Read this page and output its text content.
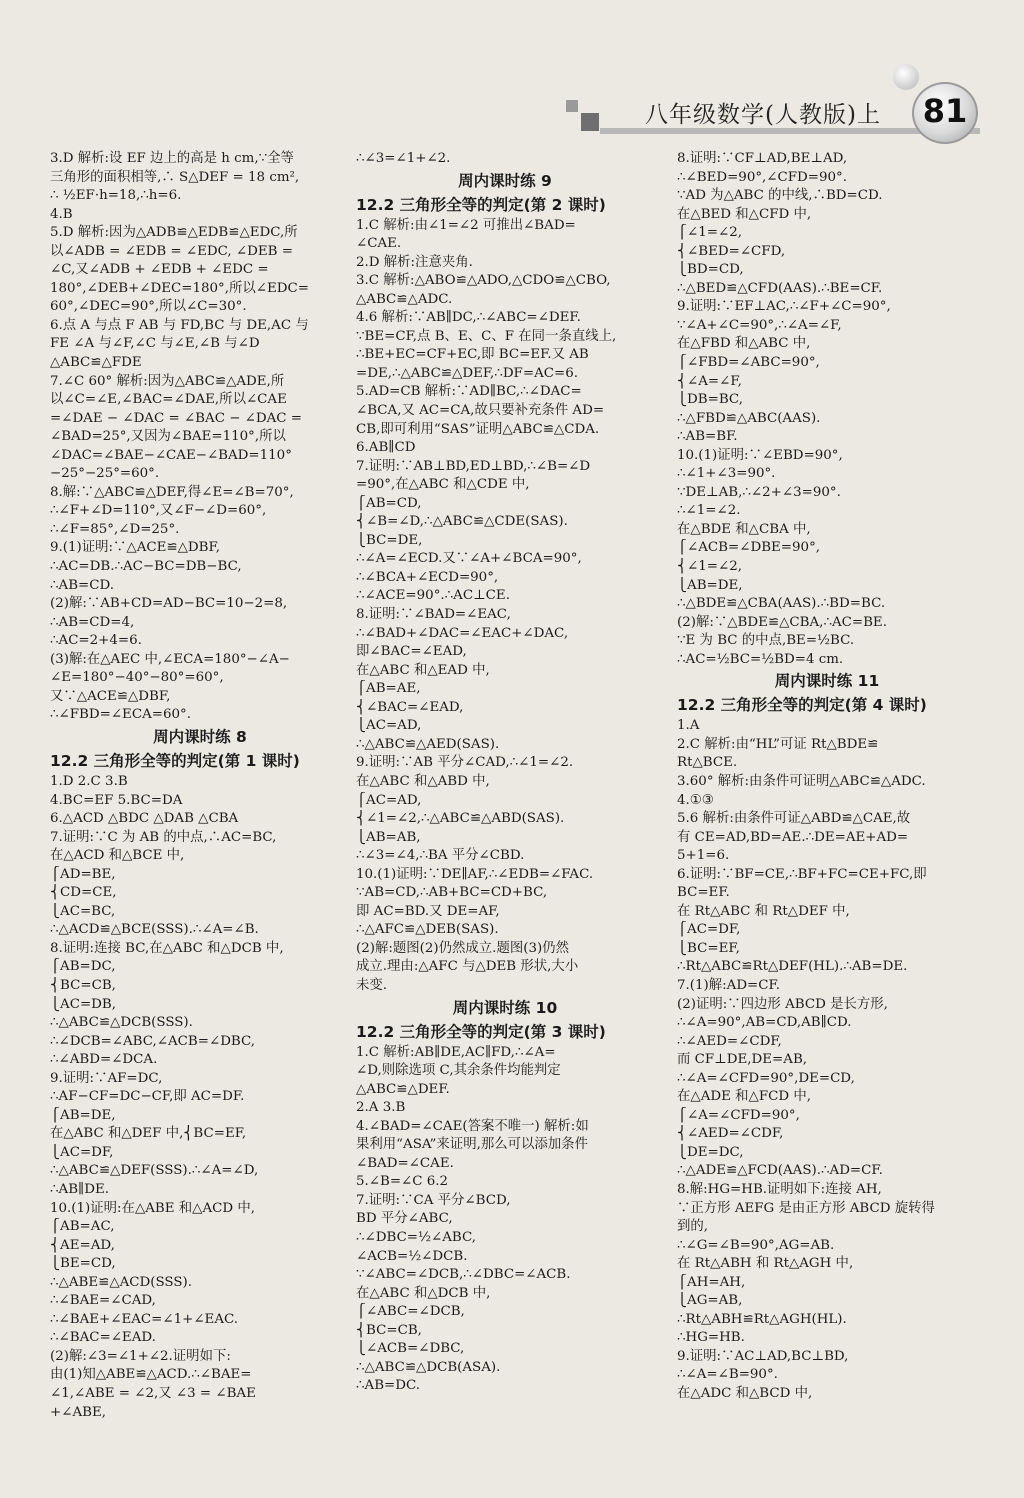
八年级数学(人教版)上 81
3.D 解析:设 EF 边上的高是 h cm,∵全等
三角形的面积相等,∴ S△DEF = 18 cm²,
∴ ½EF·h=18,∴h=6.
4.B
5.D 解析:因为△ADB≌△EDB≌△EDC,所
以∠ADB = ∠EDB = ∠EDC, ∠DEB =
∠C,又∠ADB + ∠EDB + ∠EDC =
180°,∠DEB+∠DEC=180°,所以∠EDC=
60°,∠DEC=90°,所以∠C=30°.
6.点 A 与点 F AB 与 FD,BC 与 DE,AC 与
FE ∠A 与∠F,∠C 与∠E,∠B 与∠D
△ABC≌△FDE
7.∠C 60° 解析:因为△ABC≌△ADE,所
以∠C=∠E,∠BAC=∠DAE,所以∠CAE
=∠DAE − ∠DAC = ∠BAC − ∠DAC =
∠BAD=25°,又因为∠BAE=110°,所以
∠DAC=∠BAE−∠CAE−∠BAD=110°
−25°−25°=60°.
8.解:∵△ABC≌△DEF,得∠E=∠B=70°,
∴∠F+∠D=110°,又∠F−∠D=60°,
∴∠F=85°,∠D=25°.
9.(1)证明:∵△ACE≌△DBF,
∴AC=DB.∴AC−BC=DB−BC,
∴AB=CD.
(2)解:∵AB+CD=AD−BC=10−2=8,
∴AB=CD=4,
∴AC=2+4=6.
(3)解:在△AEC 中,∠ECA=180°−∠A−
∠E=180°−40°−80°=60°,
又∵△ACE≌△DBF,
∴∠FBD=∠ECA=60°.
周内课时练 8
12.2 三角形全等的判定(第 1 课时)
1.D 2.C 3.B
4.BC=EF 5.BC=DA
6.△ACD △BDC △DAB △CBA
7.证明:∵C 为 AB 的中点,∴AC=BC,
在△ACD 和△BCE 中,
⎧AD=BE,
⎨CD=CE,
⎩AC=BC,
∴△ACD≌△BCE(SSS).∴∠A=∠B.
8.证明:连接 BC,在△ABC 和△DCB 中,
⎧AB=DC,
⎨BC=CB,
⎩AC=DB,
∴△ABC≌△DCB(SSS).
∴∠DCB=∠ABC,∠ACB=∠DBC,
∴∠ABD=∠DCA.
9.证明:∵AF=DC,
∴AF−CF=DC−CF,即 AC=DF.
⎧AB=DE,
在△ABC 和△DEF 中,⎨BC=EF,
⎩AC=DF,
∴△ABC≌△DEF(SSS).∴∠A=∠D,
∴AB∥DE.
10.(1)证明:在△ABE 和△ACD 中,
⎧AB=AC,
⎨AE=AD,
⎩BE=CD,
∴△ABE≌△ACD(SSS).
∴∠BAE=∠CAD,
∴∠BAE+∠EAC=∠1+∠EAC.
∴∠BAC=∠EAD.
(2)解:∠3=∠1+∠2.证明如下:
由(1)知△ABE≌△ACD.∴∠BAE=
∠1,∠ABE = ∠2,又 ∠3 = ∠BAE
+∠ABE,
∴∠3=∠1+∠2.
周内课时练 9
12.2 三角形全等的判定(第 2 课时)
1.C 解析:由∠1=∠2 可推出∠BAD=
∠CAE.
2.D 解析:注意夹角.
3.C 解析:△ABO≌△ADO,△CDO≌△CBO,
△ABC≌△ADC.
4.6 解析:∵AB∥DC,∴∠ABC=∠DEF.
∵BE=CF,点 B、E、C、F 在同一条直线上,
∴BE+EC=CF+EC,即 BC=EF.又 AB
=DE,∴△ABC≌△DEF,∴DF=AC=6.
5.AD=CB 解析:∵AD∥BC,∴∠DAC=
∠BCA,又 AC=CA,故只要补充条件 AD=
CB,即可利用“SAS”证明△ABC≌△CDA.
6.AB∥CD
7.证明:∵AB⊥BD,ED⊥BD,∴∠B=∠D
=90°,在△ABC 和△CDE 中,
⎧AB=CD,
⎨∠B=∠D,∴△ABC≌△CDE(SAS).
⎩BC=DE,
∴∠A=∠ECD.又∵∠A+∠BCA=90°,
∴∠BCA+∠ECD=90°,
∴∠ACE=90°.∴AC⊥CE.
8.证明:∵∠BAD=∠EAC,
∴∠BAD+∠DAC=∠EAC+∠DAC,
即∠BAC=∠EAD,
在△ABC 和△EAD 中,
⎧AB=AE,
⎨∠BAC=∠EAD,
⎩AC=AD,
∴△ABC≌△AED(SAS).
9.证明:∵AB 平分∠CAD,∴∠1=∠2.
在△ABC 和△ABD 中,
⎧AC=AD,
⎨∠1=∠2,∴△ABC≌△ABD(SAS).
⎩AB=AB,
∴∠3=∠4,∴BA 平分∠CBD.
10.(1)证明:∵DE∥AF,∴∠EDB=∠FAC.
∵AB=CD,∴AB+BC=CD+BC,
即 AC=BD.又 DE=AF,
∴△AFC≌△DEB(SAS).
(2)解:题图(2)仍然成立.题图(3)仍然
成立.理由:△AFC 与△DEB 形状,大小
未变.
周内课时练 10
12.2 三角形全等的判定(第 3 课时)
1.C 解析:AB∥DE,AC∥FD,∴∠A=
∠D,则除选项 C,其余条件均能判定
△ABC≌△DEF.
2.A 3.B
4.∠BAD=∠CAE(答案不唯一) 解析:如
果利用“ASA”来证明,那么可以添加条件
∠BAD=∠CAE.
5.∠B=∠C 6.2
7.证明:∵CA 平分∠BCD,
BD 平分∠ABC,
∴∠DBC=½∠ABC,
∠ACB=½∠DCB.
∵∠ABC=∠DCB,∴∠DBC=∠ACB.
在△ABC 和△DCB 中,
⎧∠ABC=∠DCB,
⎨BC=CB,
⎩∠ACB=∠DBC,
∴△ABC≌△DCB(ASA).
∴AB=DC.
8.证明:∵CF⊥AD,BE⊥AD,
∴∠BED=90°,∠CFD=90°.
∵AD 为△ABC 的中线,∴BD=CD.
在△BED 和△CFD 中,
⎧∠1=∠2,
⎨∠BED=∠CFD,
⎩BD=CD,
∴△BED≌△CFD(AAS).∴BE=CF.
9.证明:∵EF⊥AC,∴∠F+∠C=90°,
∵∠A+∠C=90°,∴∠A=∠F,
在△FBD 和△ABC 中,
⎧∠FBD=∠ABC=90°,
⎨∠A=∠F,
⎩DB=BC,
∴△FBD≌△ABC(AAS).
∴AB=BF.
10.(1)证明:∵∠EBD=90°,
∴∠1+∠3=90°.
∵DE⊥AB,∴∠2+∠3=90°.
∴∠1=∠2.
在△BDE 和△CBA 中,
⎧∠ACB=∠DBE=90°,
⎨∠1=∠2,
⎩AB=DE,
∴△BDE≌△CBA(AAS).∴BD=BC.
(2)解:∵△BDE≌△CBA,∴AC=BE.
∵E 为 BC 的中点,BE=½BC.
∴AC=½BC=½BD=4 cm.
周内课时练 11
12.2 三角形全等的判定(第 4 课时)
1.A
2.C 解析:由“HL”可证 Rt△BDE≌
Rt△BCE.
3.60° 解析:由条件可证明△ABC≌△ADC.
4.①③
5.6 解析:由条件可证△ABD≌△CAE,故
有 CE=AD,BD=AE.∴DE=AE+AD=
5+1=6.
6.证明:∵BF=CE,∴BF+FC=CE+FC,即
BC=EF.
在 Rt△ABC 和 Rt△DEF 中,
⎧AC=DF,
⎩BC=EF,
∴Rt△ABC≌Rt△DEF(HL).∴AB=DE.
7.(1)解:AD=CF.
(2)证明:∵四边形 ABCD 是长方形,
∴∠A=90°,AB=CD,AB∥CD.
∴∠AED=∠CDF,
而 CF⊥DE,DE=AB,
∴∠A=∠CFD=90°,DE=CD,
在△ADE 和△FCD 中,
⎧∠A=∠CFD=90°,
⎨∠AED=∠CDF,
⎩DE=DC,
∴△ADE≌△FCD(AAS).∴AD=CF.
8.解:HG=HB.证明如下:连接 AH,
∵正方形 AEFG 是由正方形 ABCD 旋转得
到的,
∴∠G=∠B=90°,AG=AB.
在 Rt△ABH 和 Rt△AGH 中,
⎧AH=AH,
⎩AG=AB,
∴Rt△ABH≌Rt△AGH(HL).
∴HG=HB.
9.证明:∵AC⊥AD,BC⊥BD,
∴∠A=∠B=90°.
在△ADC 和△BCD 中,
